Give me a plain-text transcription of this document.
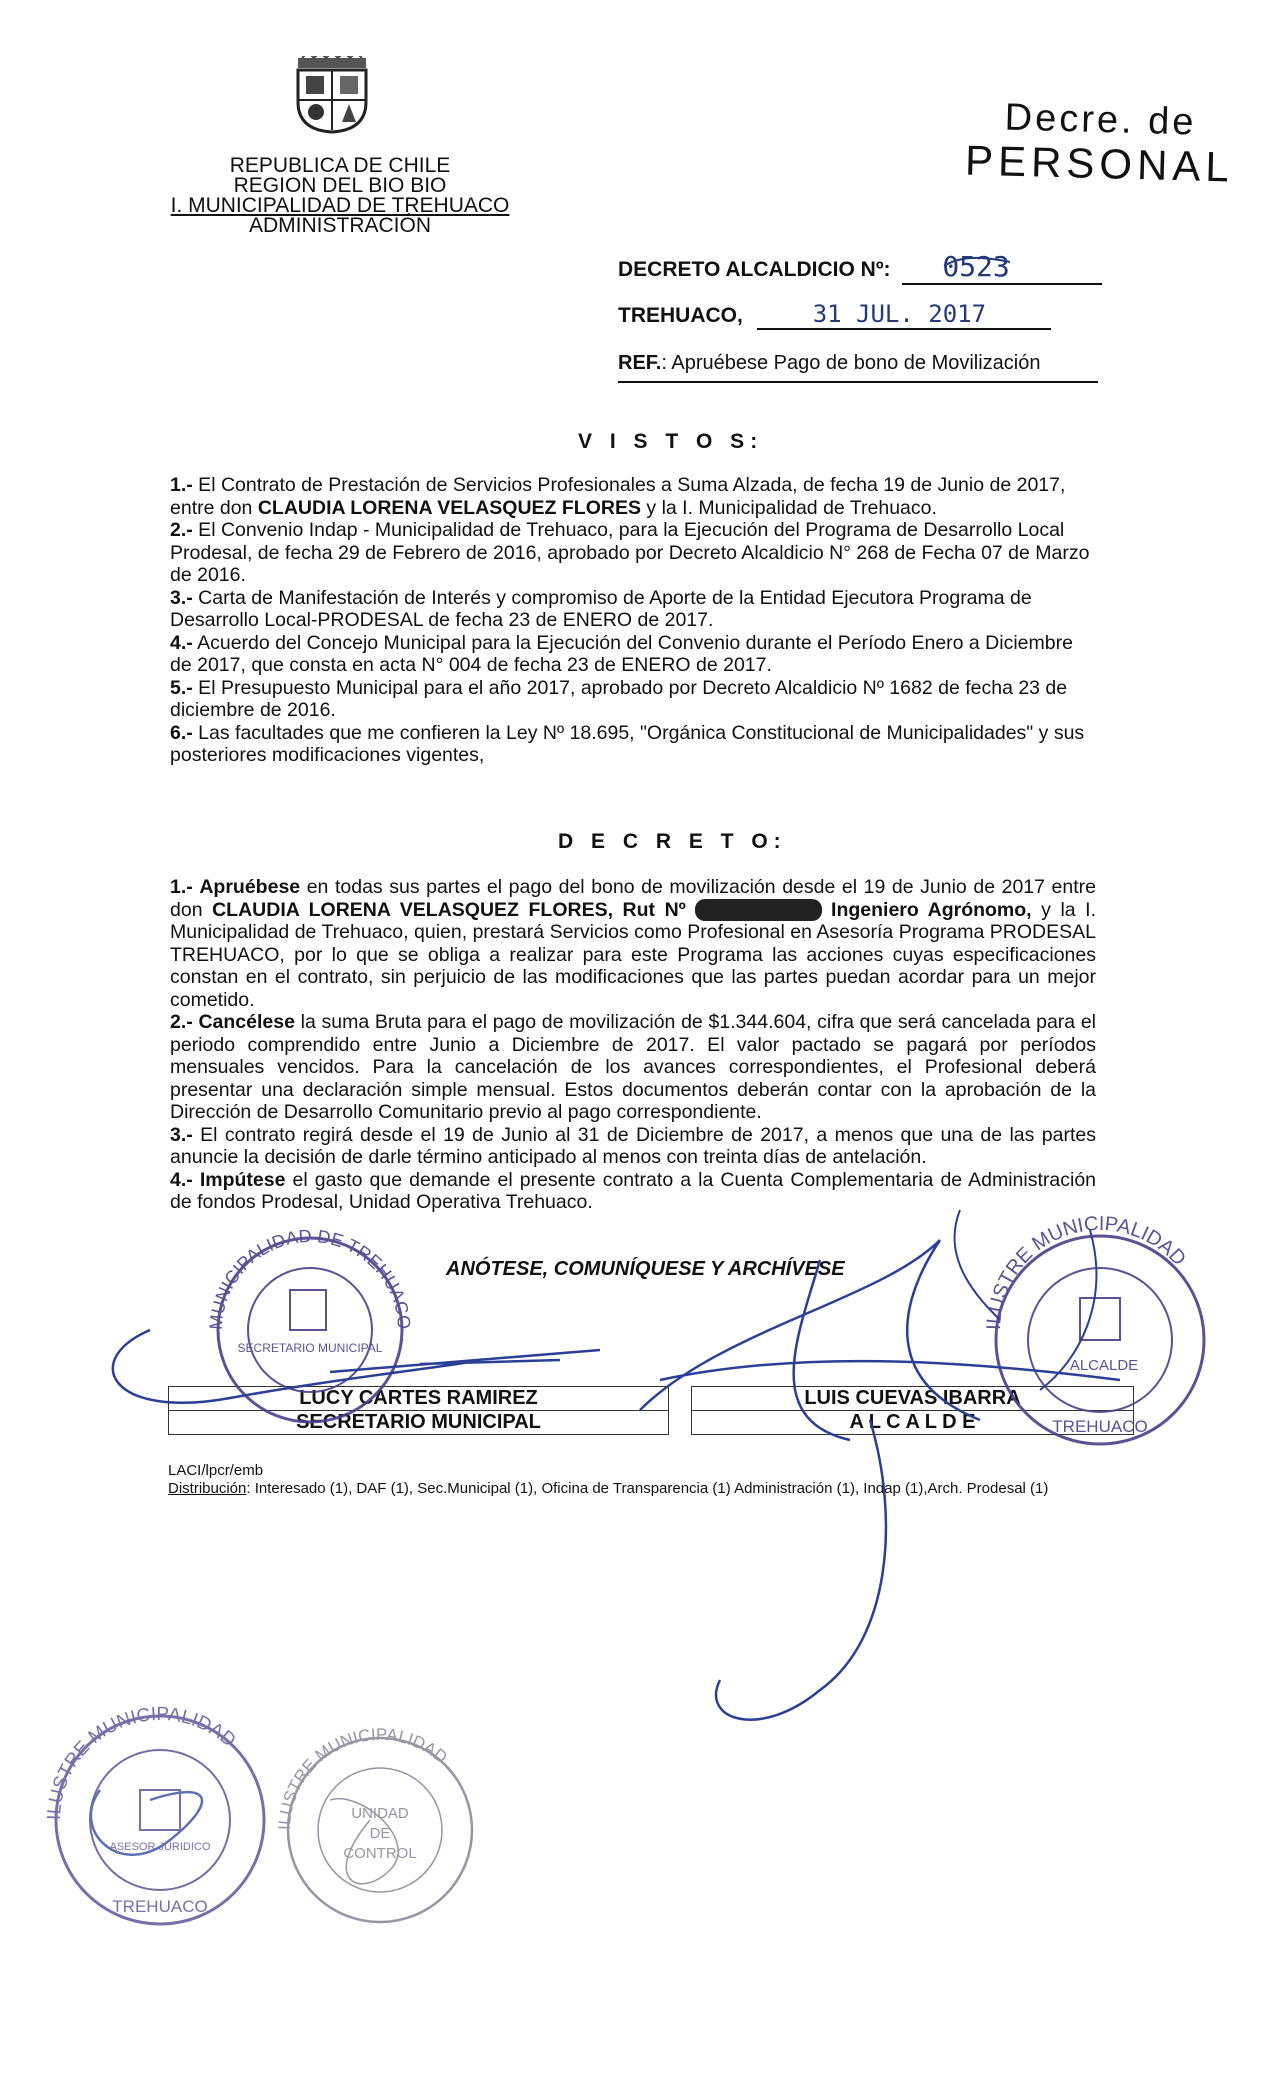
REPUBLICA DE CHILE
REGION DEL BIO BIO
I. MUNICIPALIDAD DE TREHUACO
ADMINISTRACIÓN
Decre. de
PERSONAL
DECRETO ALCALDICIO Nº: 0523
TREHUACO,	31 JUL. 2017
REF.: Apruébese Pago de bono de Movilización
V I S T O S:

1.- El Contrato de Prestación de Servicios Profesionales a Suma Alzada, de fecha 19 de Junio de 2017, entre don CLAUDIA LORENA VELASQUEZ FLORES y la I. Municipalidad de Trehuaco.

2.- El Convenio Indap - Municipalidad de Trehuaco, para la Ejecución del Programa de Desarrollo Local Prodesal, de fecha 29 de Febrero de 2016, aprobado por Decreto Alcaldicio N° 268 de Fecha 07 de Marzo de 2016.

3.- Carta de Manifestación de Interés y compromiso de Aporte de la Entidad Ejecutora Programa de Desarrollo Local-PRODESAL de fecha 23 de ENERO de 2017.

4.- Acuerdo del Concejo Municipal para la Ejecución del Convenio durante el Período Enero a Diciembre de 2017, que consta en acta N° 004 de fecha 23 de ENERO de 2017.

5.- El Presupuesto Municipal para el año 2017, aprobado por Decreto Alcaldicio Nº 1682 de fecha 23 de diciembre de 2016.

6.- Las facultades que me confieren la Ley Nº 18.695, "Orgánica Constitucional de Municipalidades" y sus posteriores modificaciones vigentes,

D E C R E T O:

1.- Apruébese en todas sus partes el pago del bono de movilización desde el 19 de Junio de 2017 entre don CLAUDIA LORENA VELASQUEZ FLORES, Rut Nº 12.696.532-K Ingeniero Agrónomo, y la I. Municipalidad de Trehuaco, quien, prestará Servicios como Profesional en Asesoría Programa PRODESAL TREHUACO, por lo que se obliga a realizar para este Programa las acciones cuyas especificaciones constan en el contrato, sin perjuicio de las modificaciones que las partes puedan acordar para un mejor cometido.

2.- Cancélese la suma Bruta para el pago de movilización de $1.344.604, cifra que será cancelada para el periodo comprendido entre Junio a Diciembre de 2017. El valor pactado se pagará por períodos mensuales vencidos. Para la cancelación de los avances correspondientes, el Profesional deberá presentar una declaración simple mensual. Estos documentos deberán contar con la aprobación de la Dirección de Desarrollo Comunitario previo al pago correspondiente.

3.- El contrato regirá desde el 19 de Junio al 31 de Diciembre de 2017, a menos que una de las partes anuncie la decisión de darle término anticipado al menos con treinta días de antelación.

4.- Impútese el gasto que demande el presente contrato a la Cuenta Complementaria de Administración de fondos Prodesal, Unidad Operativa Trehuaco.

ANÓTESE, COMUNÍQUESE Y ARCHÍVESE
LUCY CARTES RAMIREZ		LUIS CUEVAS IBARRA
SECRETARIO MUNICIPAL		A L C A L D E
LACI/lpcr/emb
Distribución: Interesado (1), DAF (1), Sec.Municipal (1), Oficina de Transparencia (1) Administración (1), Indap (1),Arch. Prodesal (1)
MUNICIPALIDAD DE TREHUACO
SECRETARIO MUNICIPAL
ILUSTRE MUNICIPALIDAD
ALCALDE
TREHUACO
ILUSTRE MUNICIPALIDAD
ASESOR JURIDICO
TREHUACO
ILUSTRE MUNICIPALIDAD
UNIDAD
DE
CONTROL
